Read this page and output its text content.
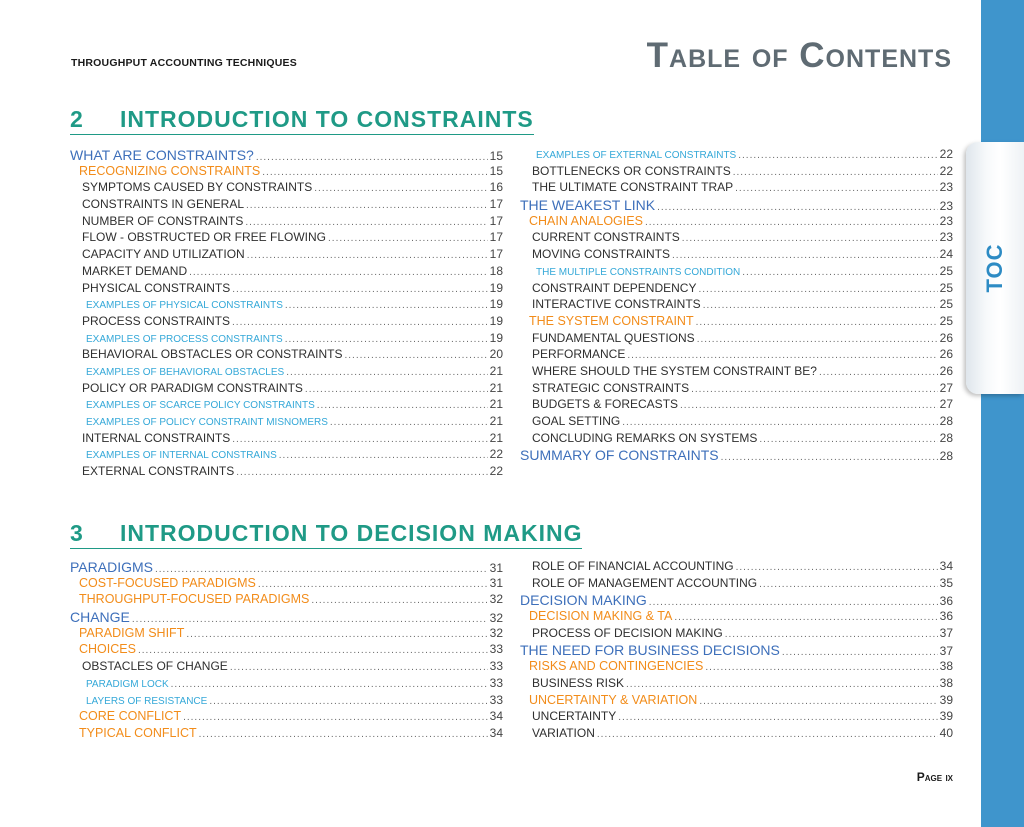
THROUGHPUT ACCOUNTING TECHNIQUES	Table of Contents
TOC
2 INTRODUCTION TO CONSTRAINTS
WHAT ARE CONSTRAINTS? .....	15
RECOGNIZING CONSTRAINTS .....	15
SYMPTOMS CAUSED BY CONSTRAINTS .....	16
CONSTRAINTS IN GENERAL .....	17
NUMBER OF CONSTRAINTS .....	17
FLOW - OBSTRUCTED OR FREE FLOWING .....	17
CAPACITY AND UTILIZATION .....	17
MARKET DEMAND .....	18
PHYSICAL CONSTRAINTS .....	19
EXAMPLES OF PHYSICAL CONSTRAINTS .....	19
PROCESS CONSTRAINTS .....	19
EXAMPLES OF PROCESS CONSTRAINTS .....	19
BEHAVIORAL OBSTACLES OR CONSTRAINTS .....	20
EXAMPLES OF BEHAVIORAL OBSTACLES .....	21
POLICY OR PARADIGM CONSTRAINTS .....	21
EXAMPLES OF SCARCE POLICY CONSTRAINTS .....	21
EXAMPLES OF POLICY CONSTRAINT MISNOMERS .....	21
INTERNAL CONSTRAINTS .....	21
EXAMPLES OF INTERNAL CONSTRAINS .....	22
EXTERNAL CONSTRAINTS .....	22
EXAMPLES OF EXTERNAL CONSTRAINTS .....	22
BOTTLENECKS OR CONSTRAINTS .....	22
THE ULTIMATE CONSTRAINT TRAP .....	23
THE WEAKEST LINK .....	23
CHAIN ANALOGIES .....	23
CURRENT CONSTRAINTS .....	23
MOVING CONSTRAINTS .....	24
THE MULTIPLE CONSTRAINTS CONDITION .....	25
CONSTRAINT DEPENDENCY .....	25
INTERACTIVE CONSTRAINTS .....	25
THE SYSTEM CONSTRAINT .....	25
FUNDAMENTAL QUESTIONS .....	26
PERFORMANCE .....	26
WHERE SHOULD THE SYSTEM CONSTRAINT BE? .....	26
STRATEGIC CONSTRAINTS .....	27
BUDGETS & FORECASTS .....	27
GOAL SETTING .....	28
CONCLUDING REMARKS ON SYSTEMS .....	28
SUMMARY OF CONSTRAINTS .....	28
3 INTRODUCTION TO DECISION MAKING
PARADIGMS .....	31
COST-FOCUSED PARADIGMS .....	31
THROUGHPUT-FOCUSED PARADIGMS .....	32
CHANGE .....	32
PARADIGM SHIFT .....	32
CHOICES .....	33
OBSTACLES OF CHANGE .....	33
PARADIGM LOCK .....	33
LAYERS OF RESISTANCE .....	33
CORE CONFLICT .....	34
TYPICAL CONFLICT .....	34
ROLE OF FINANCIAL ACCOUNTING .....	34
ROLE OF MANAGEMENT ACCOUNTING .....	35
DECISION MAKING .....	36
DECISION MAKING & TA .....	36
PROCESS OF DECISION MAKING .....	37
THE NEED FOR BUSINESS DECISIONS .....	37
RISKS AND CONTINGENCIES .....	38
BUSINESS RISK .....	38
UNCERTAINTY & VARIATION .....	39
UNCERTAINTY .....	39
VARIATION .....	40
Page ix
